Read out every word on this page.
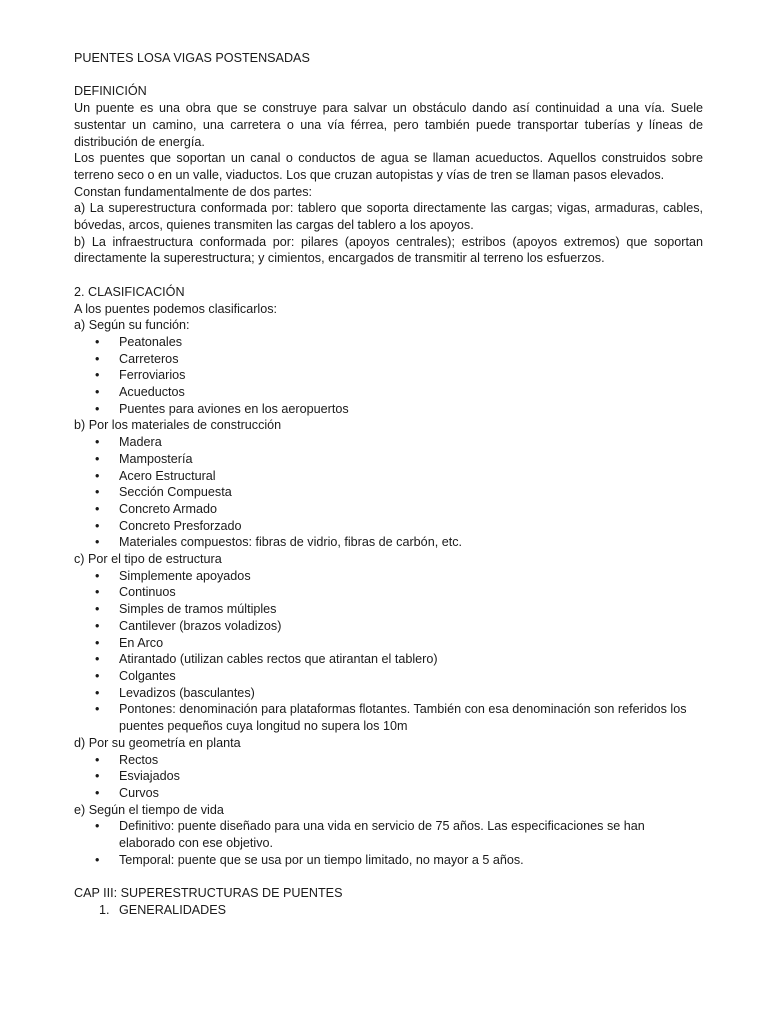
PUENTES LOSA VIGAS POSTENSADAS

DEFINICIÓN

Un puente es una obra que se construye para salvar un obstáculo dando así continuidad a una vía. Suele sustentar un camino, una carretera o una vía férrea, pero también puede transportar tuberías y líneas de distribución de energía.

Los puentes que soportan un canal o conductos de agua se llaman acueductos. Aquellos construidos sobre terreno seco o en un valle, viaductos. Los que cruzan autopistas y vías de tren se llaman pasos elevados.

Constan fundamentalmente de dos partes:

a) La superestructura conformada por: tablero que soporta directamente las cargas; vigas, armaduras, cables, bóvedas, arcos, quienes transmiten las cargas del tablero a los apoyos.

b) La infraestructura conformada por: pilares (apoyos centrales); estribos (apoyos extremos) que soportan directamente la superestructura; y cimientos, encargados de transmitir al terreno los esfuerzos.

2. CLASIFICACIÓN

A los puentes podemos clasificarlos:

a) Según su función:

• Peatonales
• Carreteros
• Ferroviarios
• Acueductos
• Puentes para aviones en los aeropuertos

b) Por los materiales de construcción

• Madera
• Mampostería
• Acero Estructural
• Sección Compuesta
• Concreto Armado
• Concreto Presforzado
• Materiales compuestos: fibras de vidrio, fibras de carbón, etc.

c) Por el tipo de estructura

• Simplemente apoyados
• Continuos
• Simples de tramos múltiples
• Cantilever (brazos voladizos)
• En Arco
• Atirantado (utilizan cables rectos que atirantan el tablero)
• Colgantes
• Levadizos (basculantes)
• Pontones: denominación para plataformas flotantes. También con esa denominación son referidos los puentes pequeños cuya longitud no supera los 10m

d) Por su geometría en planta

• Rectos
• Esviajados
• Curvos

e) Según el tiempo de vida

• Definitivo: puente diseñado para una vida en servicio de 75 años. Las especificaciones se han elaborado con ese objetivo.
• Temporal: puente que se usa por un tiempo limitado, no mayor a 5 años.

CAP III: SUPERESTRUCTURAS DE PUENTES

1. GENERALIDADES
